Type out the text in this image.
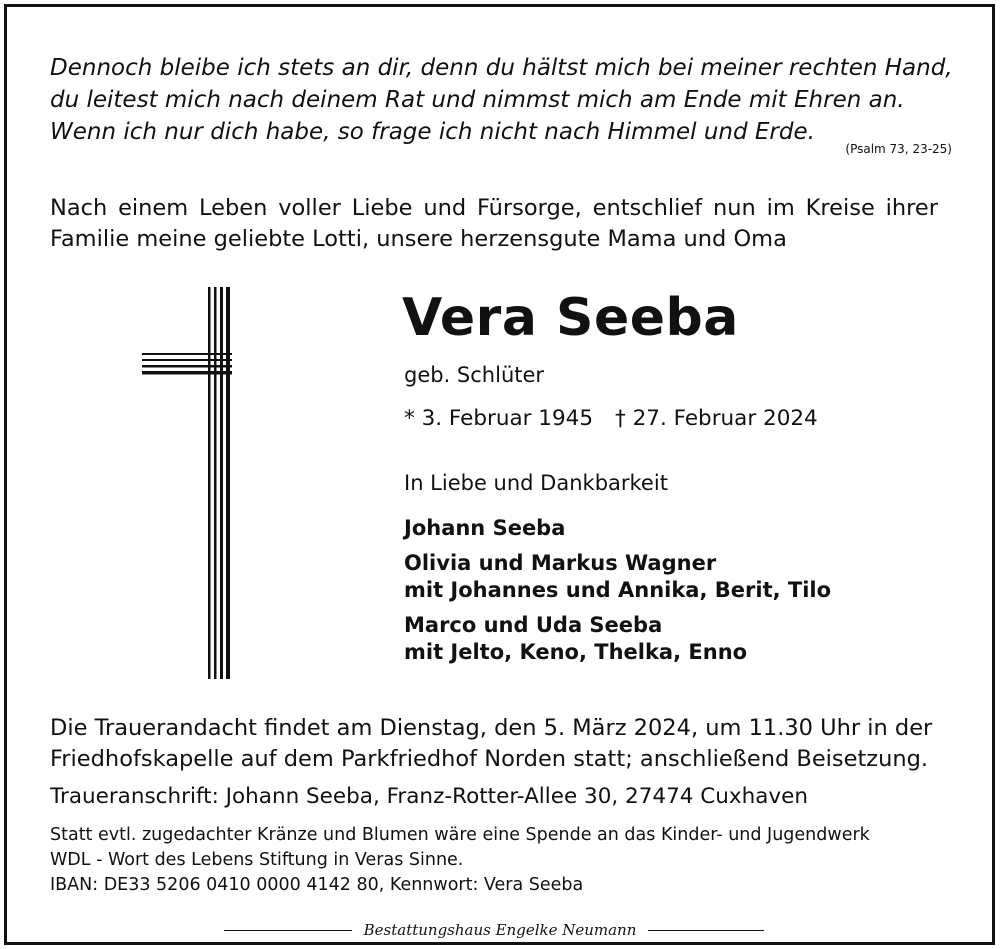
Dennoch bleibe ich stets an dir, denn du hältst mich bei meiner rechten Hand,
du leitest mich nach deinem Rat und nimmst mich am Ende mit Ehren an.
Wenn ich nur dich habe, so frage ich nicht nach Himmel und Erde.
(Psalm 73, 23-25)
Nach einem Leben voller Liebe und Fürsorge, entschlief nun im Kreise ihrer Familie meine geliebte Lotti, unsere herzensgute Mama und Oma
Vera Seeba
geb. Schlüter
* 3. Februar 1945 † 27. Februar 2024
In Liebe und Dankbarkeit
Johann Seeba
Olivia und Markus Wagner
mit Johannes und Annika, Berit, Tilo
Marco und Uda Seeba
mit Jelto, Keno, Thelka, Enno
Die Trauerandacht findet am Dienstag, den 5. März 2024, um 11.30 Uhr in der
Friedhofskapelle auf dem Parkfriedhof Norden statt; anschließend Beisetzung.
Traueranschrift: Johann Seeba, Franz-Rotter-Allee 30, 27474 Cuxhaven
Statt evtl. zugedachter Kränze und Blumen wäre eine Spende an das Kinder- und Jugendwerk
WDL - Wort des Lebens Stiftung in Veras Sinne.
IBAN: DE33 5206 0410 0000 4142 80, Kennwort: Vera Seeba
Bestattungshaus Engelke Neumann
